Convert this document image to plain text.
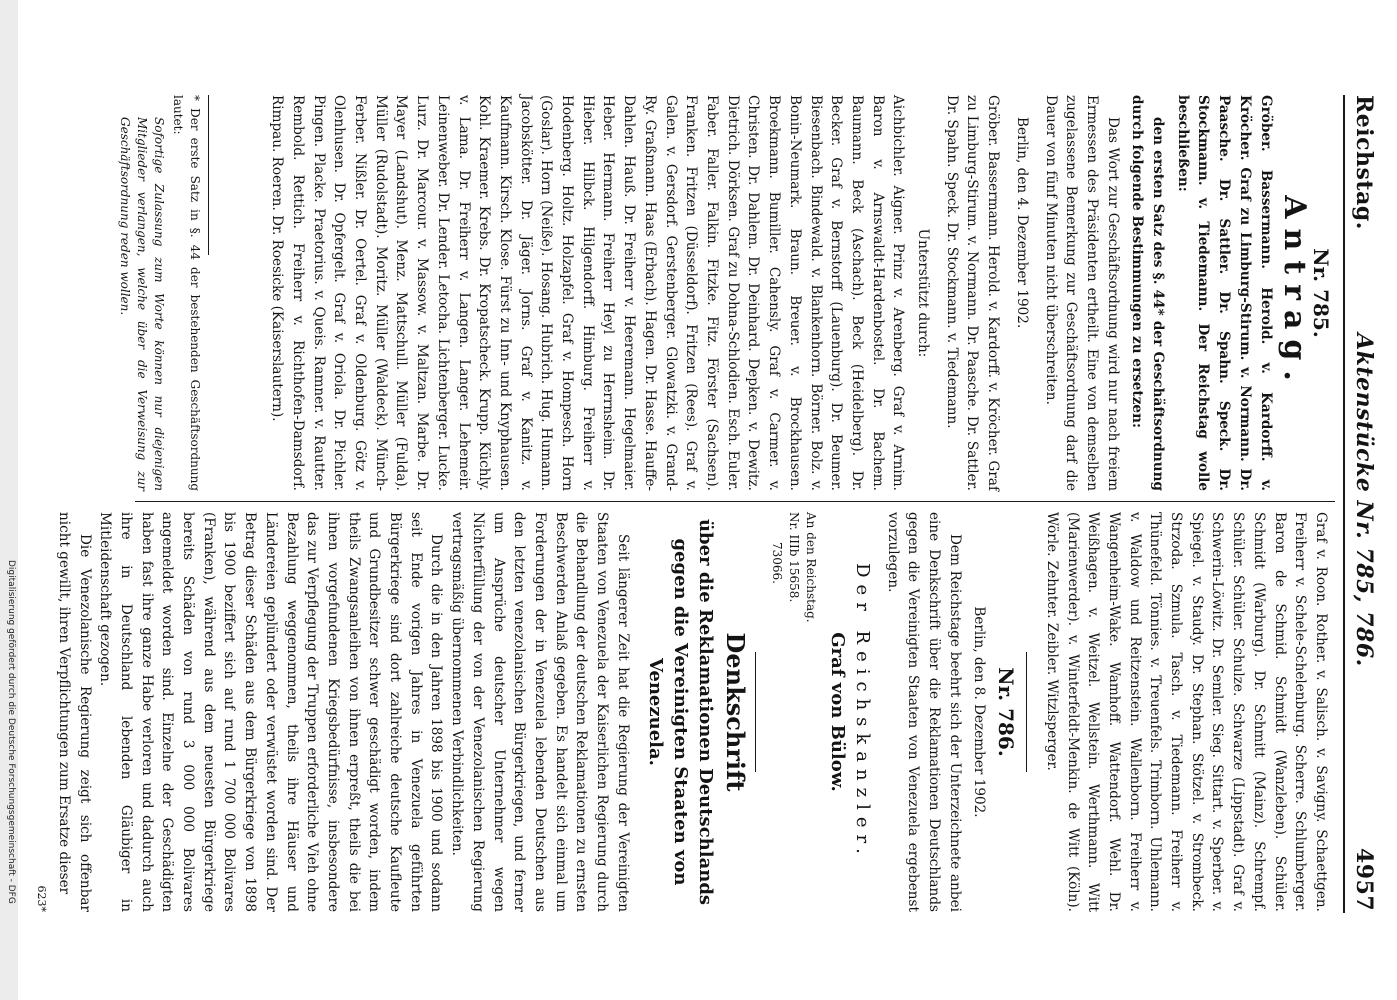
Reichstag.
Aktenstücke Nr. 785, 786.
4957
Nr. 785.
Antrag.

Gröber. Bassermann. Herold. v. Kardorff. v. Kröcher. Graf zu Limburg-Stirum. v. Normann. Dr. Paasche. Dr. Sattler. Dr. Spahn. Speck. Dr. Stockmann. v. Tiedemann. Der Reichstag wolle beschließen:

den ersten Satz des §. 44* der Geschäftsordnung durch folgende Bestimmungen zu ersetzen:

Das Wort zur Geschäftsordnung wird nur nach freiem Ermessen des Präsidenten ertheilt. Eine von demselben zugelassene Bemerkung zur Geschäftsordnung darf die Dauer von fünf Minuten nicht überschreiten.

Berlin, den 4. Dezember 1902.

Gröber. Bassermann. Herold. v. Kardorff. v. Kröcher. Graf zu Limburg-Stirum. v. Normann. Dr. Paasche. Dr. Sattler. Dr. Spahn. Speck. Dr. Stockmann. v. Tiedemann.

Unterstützt durch:

Aichbichler. Aigner. Prinz v. Arenberg. Graf v. Arnim. Baron v. Arnswaldt-Hardenbostel. Dr. Bachem. Baumann. Beck (Aschach). Beck (Heidelberg). Dr. Becker. Graf v. Bernstorff (Lauenburg). Dr. Beumer. Biesenbach. Bindewald. v. Blankenhorn. Börner. Bolz. v. Bonin-Neumark. Braun. Breuer. v. Brockhausen. Broekmann. Bumiller. Cahensly. Graf v. Carmer. v. Christen. Dr. Dahlem. Dr. Deinhard. Depken. v. Dewitz. Dietrich. Dörksen. Graf zu Dohna-Schlodien. Esch. Euler. Faber. Faller. Falkin. Fitzke. Fitz. Förster (Sachsen). Franken. Fritzen (Düsseldorf). Fritzen (Rees). Graf v. Galen. v. Gersdorf. Gerstenberger. Glowatzki. v. Grand-Ry. Graßmann. Haas (Erbach). Hagen. Dr. Hasse. Hauffe-Dahlen. Hauß. Dr. Freiherr v. Heeremann. Hegelmaier. Heber. Hermann. Freiherr Heyl zu Herrnsheim. Dr. Hieber. Hilbck. Hilgendorff. Himburg. Freiherr v. Hodenberg. Holtz. Holzapfel. Graf v. Hompesch. Horn (Goslar). Horn (Neiße). Hosang. Hubrich. Hug. Humann. Jacobskötter. Dr. Jäger. Jorns. Graf v. Kanitz. v. Kaufmann. Kirsch. Klose. Fürst zu Inn- und Knyphausen. Kohl. Kraemer. Krebs. Dr. Kropatscheck. Krupp. Küchly. v. Lama. Dr. Freiherr v. Langen. Langer. Lehemeir. Leinenweber. Dr. Lender. Letocha. Lichtenberger. Lucke. Lurz. Dr. Marcour. v. Massow. v. Maltzan. Marbe. Dr. Mayer (Landshut). Menz. Mattschull. Müller (Fulda). Müller (Rudolstadt). Moritz. Müller (Waldeck). Münch-Ferber. Nißler. Dr. Oertel. Graf v. Oldenburg. Götz v. Olenhusen. Dr. Opfergelt. Graf v. Oriola. Dr. Pichler. Pingen. Placke. Praetorius. v. Queis. Ramner. v. Rautter. Rembold. Rettich. Freiherr v. Richthofen-Damsdorf. Rimpau. Roeren. Dr. Roesicke (Kaiserslautern).

* Der erste Satz in §. 44 der bestehenden Geschäftsordnung lautet:
Sofortige Zulassung zum Worte können nur diejenigen Mitglieder verlangen, welche über die Verweisung zur Geschäftsordnung reden wollen.

Graf v. Roon. Rother. v. Salisch. v. Savigny. Schaettgen. Freiherr v. Schele-Schelenburg. Scherre. Schlumberger. Baron de Schmid. Schmidt (Wanzleben). Schüler. Schmidt (Warburg). Dr. Schmitt (Mainz). Schrempf. Schüler. Schüler. Schulze. Schwarze (Lippstadt). Graf v. Schwerin-Löwitz. Dr. Semler. Sieg. Sittart. v. Sperber. v. Spiegel. v. Staudy. Dr. Stephan. Stötzel. v. Strombeck. Strzoda. Szmula. Tasch. v. Tiedemann. Freiherr v. Thünefeld. Tönnies. v. Treuenfels. Trimborn. Uhlemann. v. Waldow und Reitzenstein. Wallenborn. Freiherr v. Wangenheim-Wake. Wamhoff. Wattendorf. Wehl. Dr. Weißhagen. v. Weitzel. Wellstein. Werthmann. Witt (Marienwerder). v. Winterfeldt-Menkin. de Witt (Köln). Wörle. Zehnter. Zeibler. Witzlsperger.

Nr. 786.

Berlin, den 8. Dezember 1902.

Dem Reichstage beehrt sich der Unterzeichnete anbei eine Denkschrift über die Reklamationen Deutschlands gegen die Vereinigten Staaten von Venezuela ergebenst vorzulegen.

Der Reichskanzler.
Graf von Bülow.

An den Reichstag.

Nr. IIIb 15658.

73066.

Denkschrift
über die Reklamationen Deutschlands gegen die Vereinigten Staaten von Venezuela.

Seit längerer Zeit hat die Regierung der Vereinigten Staaten von Venezuela der Kaiserlichen Regierung durch die Behandlung der deutschen Reklamationen zu ernsten Beschwerden Anlaß gegeben. Es handelt sich einmal um Forderungen der in Venezuela lebenden Deutschen aus den letzten venezolanischen Bürgerkriegen, und ferner um Ansprüche deutscher Unternehmer wegen Nichterfüllung der von der Venezolanischen Regierung vertragsmäßig übernommenen Verbindlichkeiten.

Durch die in den Jahren 1898 bis 1900 und sodann seit Ende vorigen Jahres in Venezuela geführten Bürgerkriege sind dort zahlreiche deutsche Kaufleute und Grundbesitzer schwer geschädigt worden, indem theils Zwangsanleihen von ihnen erpreßt, theils die bei ihnen vorgefundenen Kriegsbedürfnisse, insbesondere das zur Verpflegung der Truppen erforderliche Vieh ohne Bezahlung weggenommen, theils ihre Häuser und Ländereien geplündert oder verwüstet worden sind. Der Betrag dieser Schäden aus dem Bürgerkriege von 1898 bis 1900 beziffert sich auf rund 1 700 000 Bolivares (Franken), während aus dem neuesten Bürgerkriege bereits Schäden von rund 3 000 000 Bolivares angemeldet worden sind. Einzelne der Geschädigten haben fast ihre ganze Habe verloren und dadurch auch ihre in Deutschland lebenden Gläubiger in Mitleidenschaft gezogen.

Die Venezolanische Regierung zeigt sich offenbar nicht gewillt, ihren Verpflichtungen zum Ersatze dieser

623*
Digitalisierung gefördert durch die Deutsche Forschungsgemeinschaft - DFG
